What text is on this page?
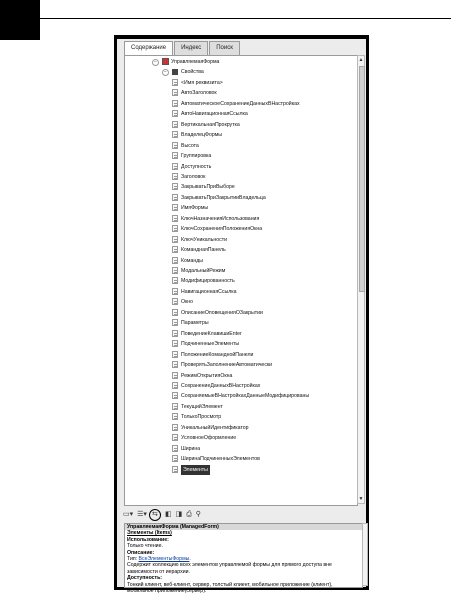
Содержание	Индекс	Поиск
−	УправляемаяФорма
−	Свойства
<Имя реквизита>
АвтоЗаголовок
АвтоматическоеСохранениеДанныхВНастройках
АвтоНавигационнаяСсылка
ВертикальнаяПрокрутка
ВладелецФормы
Высота
Группировка
Доступность
Заголовок
ЗакрыватьПриВыборе
ЗакрыватьПриЗакрытииВладельца
ИмяФормы
КлючНазначенияИспользования
КлючСохраненияПоложенияОкна
КлючУникальности
КоманднаяПанель
Команды
МодальныйРежим
Модифицированность
НавигационнаяСсылка
Окно
ОписаниеОповещенияОЗакрытии
Параметры
ПоведениеКлавишиEnter
ПодчиненныеЭлементы
ПоложениеКоманднойПанели
ПроверятьЗаполнениеАвтоматически
РежимОткрытияОкна
СохранениеДанныхВНастройках
СохраняемыеВНастройкахДанныеМодифицированы
ТекущийЭлемент
ТолькоПросмотр
УникальныйИдентификатор
УсловноеОформление
Ширина
ШиринаПодчиненныхЭлементов
Элементы
▲
▼
▭▾ ☰▾ ⇆	◧ ◨ ⎙ ⚲
УправляемаяФорма (ManagedForm)
Элементы (Items)
Использование:
Только чтение.
Описание:
Тип: ВсеЭлементыФормы.
Содержит коллекцию всех элементов управляемой формы для прямого доступа вне зависимости от иерархии.
Доступность:
Тонкий клиент, веб-клиент, сервер, толстый клиент, мобильное приложение (клиент), мобильное приложение(сервер).
